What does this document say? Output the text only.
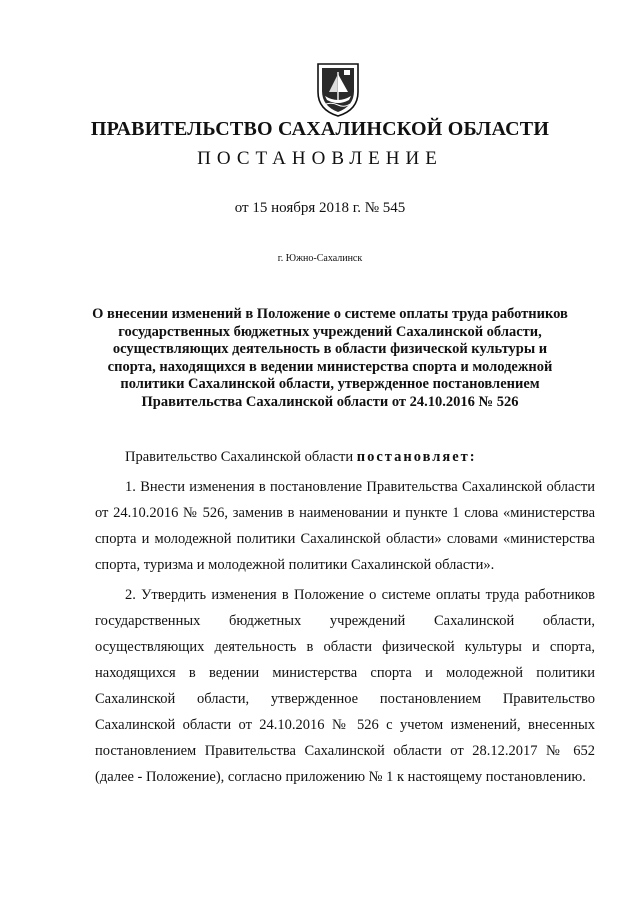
ПРАВИТЕЛЬСТВО САХАЛИНСКОЙ ОБЛАСТИ
ПОСТАНОВЛЕНИЕ
от 15 ноября 2018 г. № 545
г. Южно-Сахалинск
О внесении изменений в Положение о системе оплаты труда работников
государственных бюджетных учреждений Сахалинской области,
осуществляющих деятельность в области физической культуры и
спорта, находящихся в ведении министерства спорта и молодежной
политики Сахалинской области, утвержденное постановлением
Правительства Сахалинской области от 24.10.2016 № 526

Правительство Сахалинской области постановляет:

1. Внести изменения в постановление Правительства Сахалинской области от 24.10.2016 № 526, заменив в наименовании и пункте 1 слова «министерства спорта и молодежной политики Сахалинской области» словами «министерства спорта, туризма и молодежной политики Сахалинской области».

2. Утвердить изменения в Положение о системе оплаты труда работников государственных бюджетных учреждений Сахалинской области, осуществляющих деятельность в области физической культуры и спорта, находящихся в ведении министерства спорта и молодежной политики Сахалинской области, утвержденное постановлением Правительство Сахалинской области от 24.10.2016 № 526 с учетом изменений, внесенных постановлением Правительства Сахалинской области от 28.12.2017 № 652 (далее - Положение), согласно приложению № 1 к настоящему постановлению.
